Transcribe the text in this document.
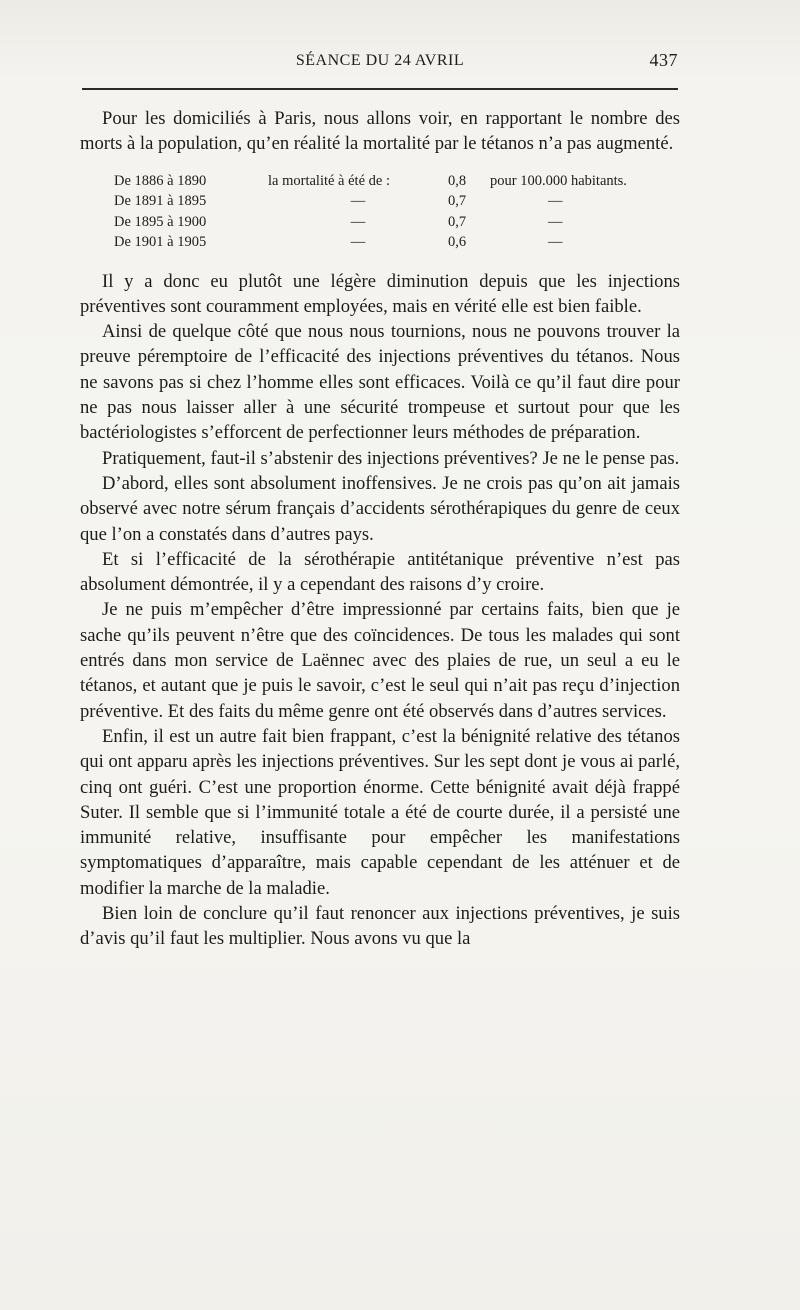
SÉANCE DU 24 AVRIL	437

Pour les domiciliés à Paris, nous allons voir, en rapportant le nombre des morts à la population, qu’en réalité la mortalité par le tétanos n’a pas augmenté.

De 1886 à 1890	la mortalité à été de :	0,8	pour 100.000 habitants.
De 1891 à 1895	—	0,7	—
De 1895 à 1900	—	0,7	—
De 1901 à 1905	—	0,6	—

Il y a donc eu plutôt une légère diminution depuis que les injections préventives sont couramment employées, mais en vérité elle est bien faible.

Ainsi de quelque côté que nous nous tournions, nous ne pouvons trouver la preuve péremptoire de l’efficacité des injections préventives du tétanos. Nous ne savons pas si chez l’homme elles sont efficaces. Voilà ce qu’il faut dire pour ne pas nous laisser aller à une sécurité trompeuse et surtout pour que les bactériologistes s’efforcent de perfectionner leurs méthodes de préparation.

Pratiquement, faut-il s’abstenir des injections préventives? Je ne le pense pas.

D’abord, elles sont absolument inoffensives. Je ne crois pas qu’on ait jamais observé avec notre sérum français d’accidents sérothérapiques du genre de ceux que l’on a constatés dans d’autres pays.

Et si l’efficacité de la sérothérapie antitétanique préventive n’est pas absolument démontrée, il y a cependant des raisons d’y croire.

Je ne puis m’empêcher d’être impressionné par certains faits, bien que je sache qu’ils peuvent n’être que des coïncidences. De tous les malades qui sont entrés dans mon service de Laënnec avec des plaies de rue, un seul a eu le tétanos, et autant que je puis le savoir, c’est le seul qui n’ait pas reçu d’injection préventive. Et des faits du même genre ont été observés dans d’autres services.

Enfin, il est un autre fait bien frappant, c’est la bénignité relative des tétanos qui ont apparu après les injections préventives. Sur les sept dont je vous ai parlé, cinq ont guéri. C’est une proportion énorme. Cette bénignité avait déjà frappé Suter. Il semble que si l’immunité totale a été de courte durée, il a persisté une immunité relative, insuffisante pour empêcher les manifestations symptomatiques d’apparaître, mais capable cependant de les atténuer et de modifier la marche de la maladie.

Bien loin de conclure qu’il faut renoncer aux injections préventives, je suis d’avis qu’il faut les multiplier. Nous avons vu que la
